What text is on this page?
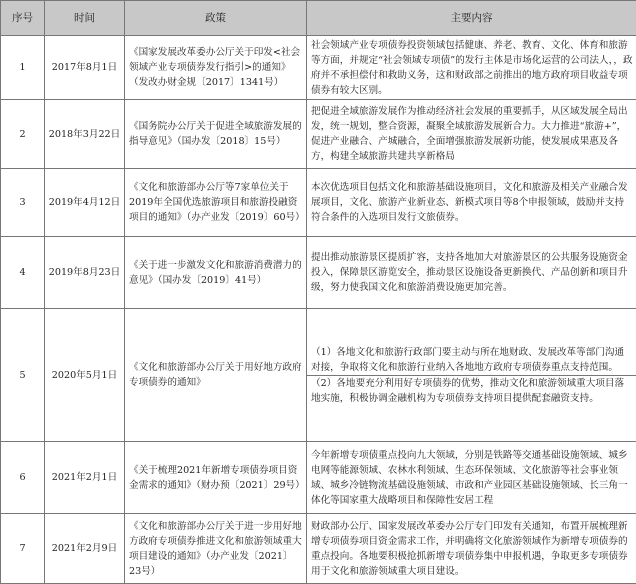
序号	时间	政策	主要内容
1	2017年8月1日	《国家发展改革委办公厅关于印发<社会领域产业专项债券发行指引>的通知》（发改办财金规〔2017〕1341号）	社会领域产业专项债券投资领域包括健康、养老、教育、文化、体育和旅游等方面，并规定“社会领域专项债”的发行主体是市场化运营的公司法人，，政府并不承担偿付和救助义务，这和财政部之前推出的地方政府项目收益专项债券有较大区别。
2	2018年3月22日	《国务院办公厅关于促进全域旅游发展的指导意见》（国办发〔2018〕15号）	把促进全域旅游发展作为推动经济社会发展的重要抓手，从区域发展全局出发，统一规划，整合资源，凝聚全域旅游发展新合力。大力推进“旅游+”，促进产业融合、产城融合，全面增强旅游发展新功能，使发展成果惠及各方，构建全域旅游共建共享新格局
3	2019年4月12日	《文化和旅游部办公厅等7家单位关于2019年全国优选旅游项目和旅游投融资项目的通知》（办产业发〔2019〕60号）	本次优选项目包括文化和旅游基础设施项目，文化和旅游及相关产业融合发展项目，文化、旅游产业新业态、新模式项目等8个申报领域，鼓励并支持符合条件的入选项目发行文旅债券。
4	2019年8月23日	《关于进一步激发文化和旅游消费潜力的意见》（国办发〔2019〕41号）	提出推动旅游景区提质扩容，支持各地加大对旅游景区的公共服务设施资金投入，保障景区游览安全，推动景区设施设备更新换代、产品创新和项目升级，努力使我国文化和旅游消费设施更加完善。
5	2020年5月1日	《文化和旅游部办公厅关于用好地方政府专项债券的通知》	（1）各地文化和旅游行政部门要主动与所在地财政、发展改革等部门沟通对接，争取将文化和旅游行业纳入各地地方政府专项债券重点支持范围。
（2）各地要充分利用好专项债券的优势，推动文化和旅游领域重大项目落地实施，积极协调金融机构为专项债券支持项目提供配套融资支持。

6	2021年2月1日	《关于梳理2021年新增专项债券项目资金需求的通知》（财办预〔2021〕29号）	今年新增专项债重点投向九大领域，分别是铁路等交通基础设施领域、城乡电网等能源领域、农林水利领域、生态环保领域、文化旅游等社会事业领域、城乡冷链物流基础设施领域、市政和产业园区基础设施领域、长三角一体化等国家重大战略项目和保障性安居工程
7	2021年2月9日	《文化和旅游部办公厅关于进一步用好地方政府专项债券推进文化和旅游领域重大项目建设的通知》（办产业发〔2021〕23号）	财政部办公厅、国家发展改革委办公厅专门印发有关通知，布置开展梳理新增专项债券项目资金需求工作，并明确将文化旅游领域作为新增专项债券的重点投向。各地要积极抢抓新增专项债券集中申报机遇，争取更多专项债券用于文化和旅游领域重大项目建设。
